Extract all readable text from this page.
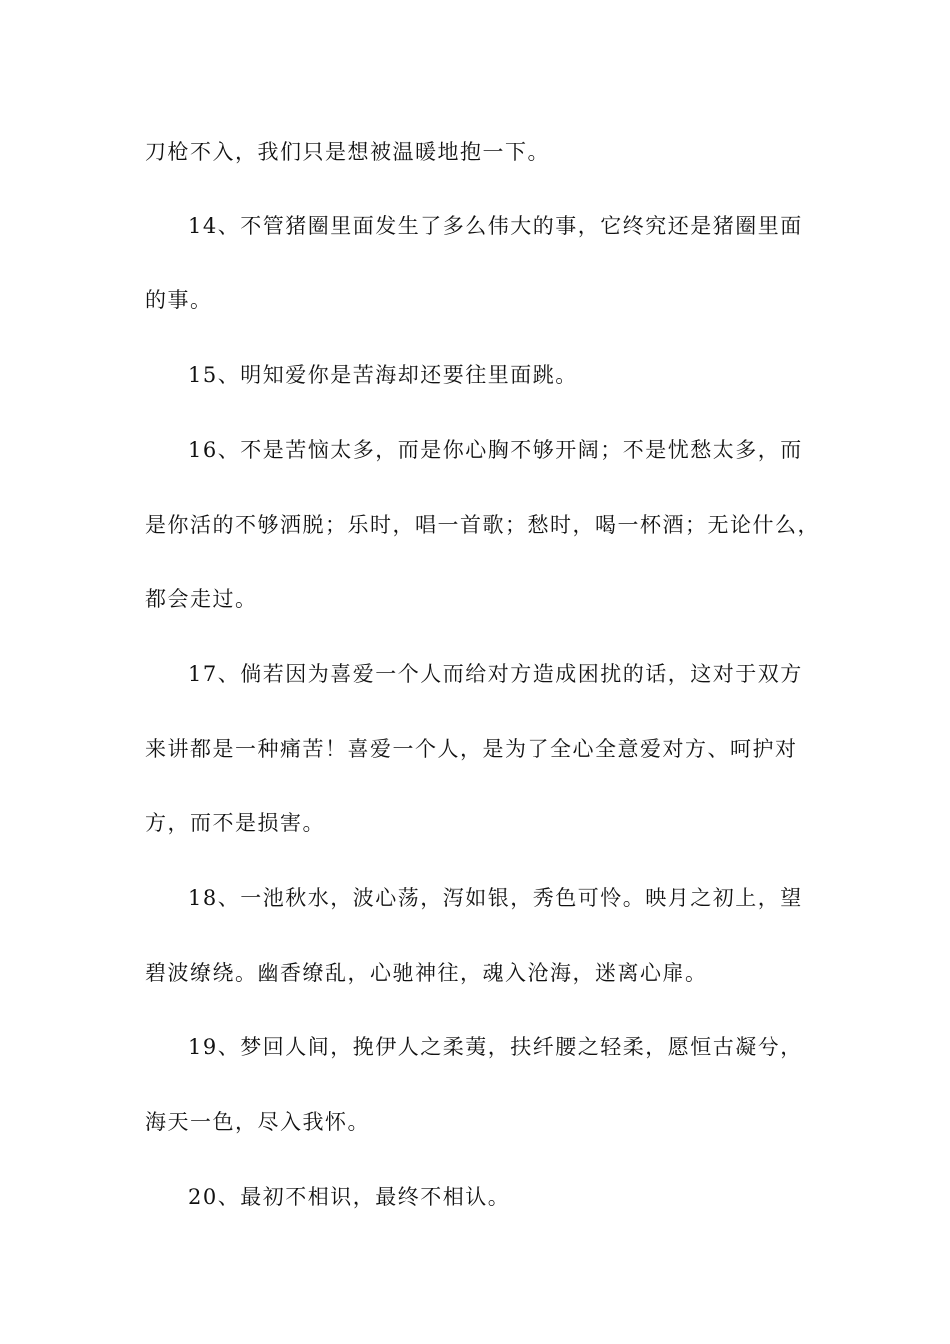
刀枪不入，我们只是想被温暖地抱一下。
14、不管猪圈里面发生了多么伟大的事，它终究还是猪圈里面
的事。
15、明知爱你是苦海却还要往里面跳。
16、不是苦恼太多，而是你心胸不够开阔；不是忧愁太多，而
是你活的不够洒脱；乐时，唱一首歌；愁时，喝一杯酒；无论什么，
都会走过。
17、倘若因为喜爱一个人而给对方造成困扰的话，这对于双方
来讲都是一种痛苦！喜爱一个人，是为了全心全意爱对方、呵护对
方，而不是损害。
18、一池秋水，波心荡，泻如银，秀色可怜。映月之初上，望
碧波缭绕。幽香缭乱，心驰神往，魂入沧海，迷离心扉。
19、梦回人间，挽伊人之柔荑，扶纤腰之轻柔，愿恒古凝兮，
海天一色，尽入我怀。
20、最初不相识，最终不相认。
